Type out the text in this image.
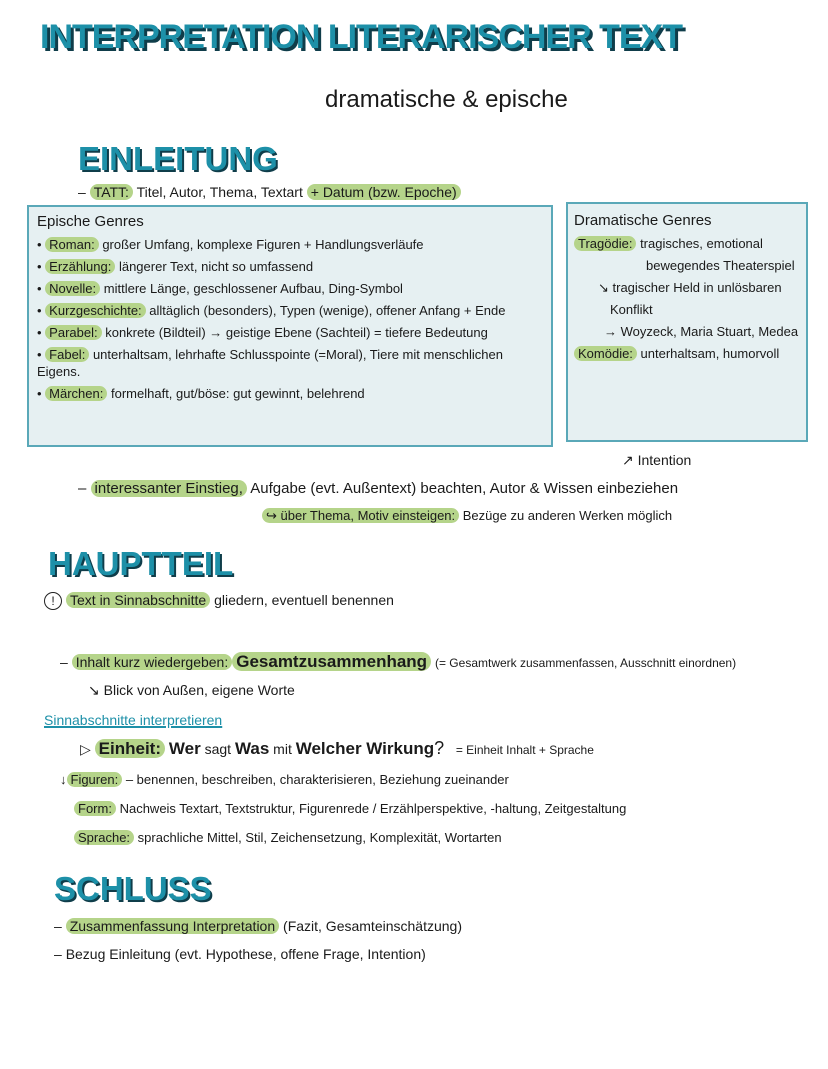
INTERPRETATION LITERARISCHER TEXT
dramatische & epische
EINLEITUNG
– TATT: Titel, Autor, Thema, Textart + Datum (bzw. Epoche)
Epische Genres
• Roman: großer Umfang, komplexe Figuren + Handlungsverläufe
• Erzählung: längerer Text, nicht so umfassend
• Novelle: mittlere Länge, geschlossener Aufbau, Ding-Symbol
• Kurzgeschichte: alltäglich (besonders), Typen (wenige), offener Anfang + Ende
• Parabel: konkrete (Bildteil) → geistige Ebene (Sachteil) = tiefere Bedeutung
• Fabel: unterhaltsam, lehrhafte Schlusspointe (=Moral), Tiere mit menschlichen Eigens.
• Märchen: formelhaft, gut/böse: gut gewinnt, belehrend
Dramatische Genres
Tragödie: tragisches, emotional
bewegendes Theaterspiel
↘ tragischer Held in unlösbaren
Konflikt
→ Woyzeck, Maria Stuart, Medea
Komödie: unterhaltsam, humorvoll
↗ Intention
– interessanter Einstieg, Aufgabe (evt. Außentext) beachten, Autor & Wissen einbeziehen
↪ über Thema, Motiv einsteigen: Bezüge zu anderen Werken möglich
HAUPTTEIL
! Text in Sinnabschnitte gliedern, eventuell benennen
– Inhalt kurz wiedergeben: Gesamtzusammenhang (= Gesamtwerk zusammenfassen, Ausschnitt einordnen)
↘ Blick von Außen, eigene Worte
Sinnabschnitte interpretieren
▷ Einheit: Wer sagt Was mit Welcher Wirkung? = Einheit Inhalt + Sprache
↓ Figuren: – benennen, beschreiben, charakterisieren, Beziehung zueinander
Form: Nachweis Textart, Textstruktur, Figurenrede / Erzählperspektive, -haltung, Zeitgestaltung
Sprache: sprachliche Mittel, Stil, Zeichensetzung, Komplexität, Wortarten
SCHLUSS
– Zusammenfassung Interpretation (Fazit, Gesamteinschätzung)
– Bezug Einleitung (evt. Hypothese, offene Frage, Intention)
